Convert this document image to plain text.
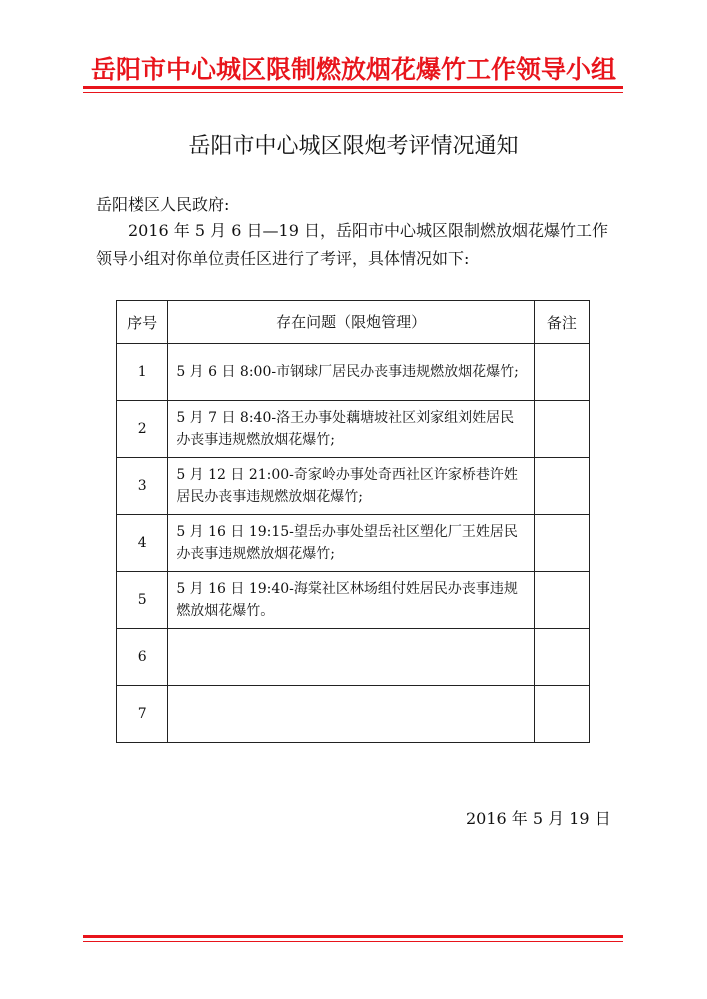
岳阳市中心城区限制燃放烟花爆竹工作领导小组
岳阳市中心城区限炮考评情况通知
岳阳楼区人民政府:
2016 年 5 月 6 日—19 日，岳阳市中心城区限制燃放烟花爆竹工作领导小组对你单位责任区进行了考评，具体情况如下:
序号	存在问题（限炮管理）	备注
1	5 月 6 日 8:00-市钢球厂居民办丧事违规燃放烟花爆竹;	
2	5 月 7 日 8:40-洛王办事处藕塘坡社区刘家组刘姓居民办丧事违规燃放烟花爆竹;	
3	5 月 12 日 21:00-奇家岭办事处奇西社区许家桥巷许姓居民办丧事违规燃放烟花爆竹;	
4	5 月 16 日 19:15-望岳办事处望岳社区塑化厂王姓居民办丧事违规燃放烟花爆竹;	
5	5 月 16 日 19:40-海棠社区林场组付姓居民办丧事违规燃放烟花爆竹。	
6		
7		
2016 年 5 月 19 日
